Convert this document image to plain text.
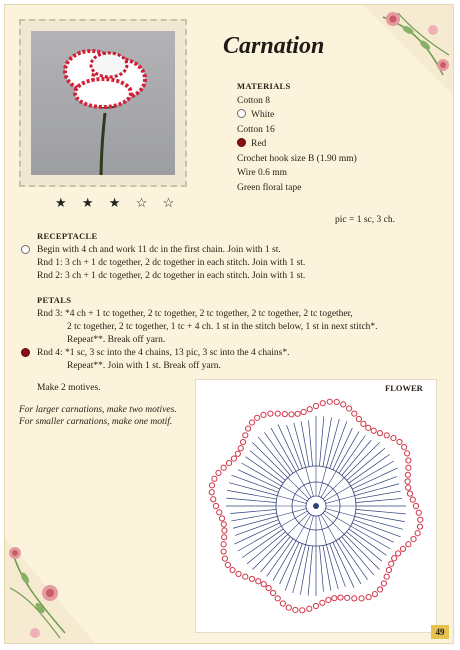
Carnation
MATERIALS
Cotton 8
White
Cotton 16
Red
Crochet hook size B (1.90 mm)
Wire 0.6 mm
Green floral tape
★ ★ ★ ☆ ☆
pic = 1 sc, 3 ch.
RECEPTACLE
Begin with 4 ch and work 11 dc in the first chain. Join with 1 st.
Rnd 1: 3 ch + 1 dc together, 2 dc together in each stitch. Join with 1 st.
Rnd 2: 3 ch + 1 dc together, 2 dc together in each stitch. Join with 1 st.
PETALS
Rnd 3: *4 ch + 1 tc together, 2 tc together, 2 tc together, 2 tc together, 2 tc together,
2 tc together, 2 tc together, 1 tc + 4 ch. 1 st in the stitch below, 1 st in next stitch*.
Repeat**. Break off yarn.
Rnd 4: *1 sc, 3 sc into the 4 chains, 13 pic, 3 sc into the 4 chains*.
Repeat**. Join with 1 st. Break off yarn.
Make 2 motives.
For larger carnations, make two motives.
For smaller carnations, make one motif.
FLOWER
49
